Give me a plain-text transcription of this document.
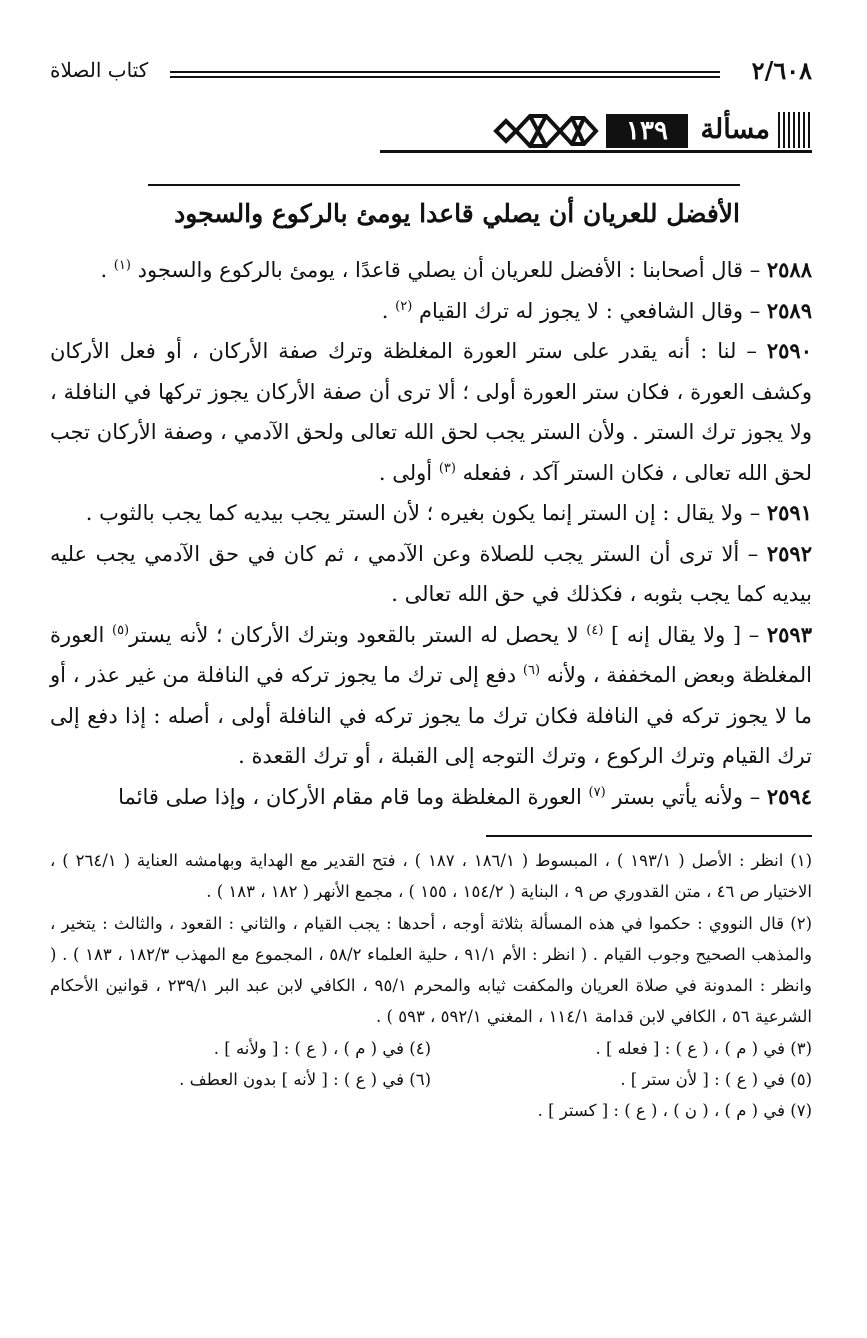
٢/٦٠٨
كتاب الصلاة
مسألة
١٣٩
الأفضل للعريان أن يصلي قاعدا يومئ بالركوع والسجود

٢٥٨٨ – قال أصحابنا : الأفضل للعريان أن يصلي قاعدًا ، يومئ بالركوع والسجود $^{(١)}$ .

٢٥٨٩ – وقال الشافعي : لا يجوز له ترك القيام $^{(٢)}$ .

٢٥٩٠ – لنا : أنه يقدر على ستر العورة المغلظة وترك صفة الأركان ، أو فعل الأركان وكشف العورة ، فكان ستر العورة أولى ؛ ألا ترى أن صفة الأركان يجوز تركها في النافلة ، ولا يجوز ترك الستر . ولأن الستر يجب لحق الله تعالى ولحق الآدمي ، وصفة الأركان تجب لحق الله تعالى ، فكان الستر آكد ، ففعله $^{(٣)}$ أولى .

٢٥٩١ – ولا يقال : إن الستر إنما يكون بغيره ؛ لأن الستر يجب بيديه كما يجب بالثوب .

٢٥٩٢ – ألا ترى أن الستر يجب للصلاة وعن الآدمي ، ثم كان في حق الآدمي يجب عليه بيديه كما يجب بثوبه ، فكذلك في حق الله تعالى .

٢٥٩٣ – [ ولا يقال إنه ] $^{(٤)}$ لا يحصل له الستر بالقعود وبترك الأركان ؛ لأنه يستر$^{(٥)}$ العورة المغلظة وبعض المخففة ، ولأنه $^{(٦)}$ دفع إلى ترك ما يجوز تركه في النافلة من غير عذر ، أو ما لا يجوز تركه في النافلة فكان ترك ما يجوز تركه في النافلة أولى ، أصله : إذا دفع إلى ترك القيام وترك الركوع ، وترك التوجه إلى القبلة ، أو ترك القعدة .

٢٥٩٤ – ولأنه يأتي بستر $^{(٧)}$ العورة المغلظة وما قام مقام الأركان ، وإذا صلى قائما

(١) انظر : الأصل ( ١٩٣/١ ) ، المبسوط ( ١٨٦/١ ، ١٨٧ ) ، فتح القدير مع الهداية وبهامشه العناية ( ٢٦٤/١ ) ، الاختيار ص ٤٦ ، متن القدوري ص ٩ ، البناية ( ١٥٤/٢ ، ١٥٥ ) ، مجمع الأنهر ( ١٨٢ ، ١٨٣ ) .

(٢) قال النووي : حكموا في هذه المسألة بثلاثة أوجه ، أحدها : يجب القيام ، والثاني : القعود ، والثالث : يتخير ، والمذهب الصحيح وجوب القيام . ( انظر : الأم ٩١/١ ، حلية العلماء ٥٨/٢ ، المجموع مع المهذب ١٨٢/٣ ، ١٨٣ ) . ( وانظر : المدونة في صلاة العريان والمكفت ثيابه والمحرم ٩٥/١ ، الكافي لابن عبد البر ٢٣٩/١ ، قوانين الأحكام الشرعية ٥٦ ، الكافي لابن قدامة ١١٤/١ ، المغني ٥٩٢/١ ، ٥٩٣ ) .

(٣) في ( م ) ، ( ع ) : [ فعله ] .
(٤) في ( م ) ، ( ع ) : [ ولأنه ] .
(٥) في ( ع ) : [ لأن ستر ] .
(٦) في ( ع ) : [ لأنه ] بدون العطف .

(٧) في ( م ) ، ( ن ) ، ( ع ) : [ كستر ] .
